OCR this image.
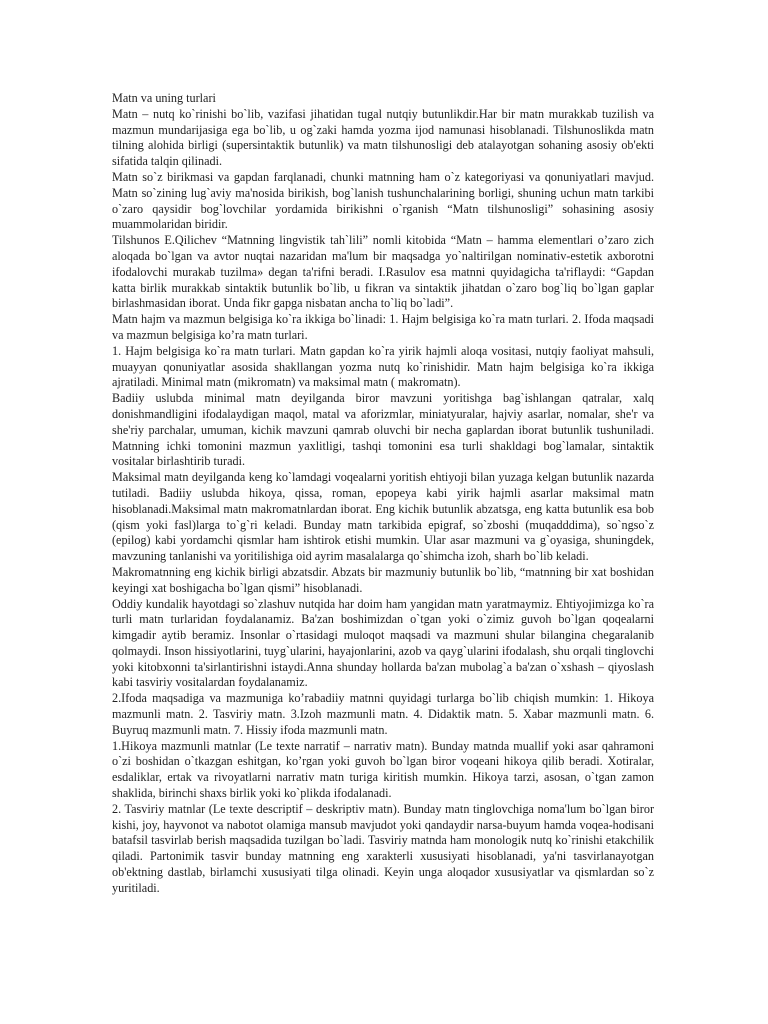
Matn va uning turlari

Matn – nutq ko`rinishi bo`lib, vazifasi jihatidan tugal nutqiy butunlikdir.Har bir matn murakkab tuzilish va mazmun mundarijasiga ega bo`lib, u og`zaki hamda yozma ijod namunasi hisoblanadi. Tilshunoslikda matn tilning alohida birligi (supersintaktik butunlik) va matn tilshunosligi deb atalayotgan sohaning asosiy ob'ekti sifatida talqin qilinadi.

Matn so`z birikmasi va gapdan farqlanadi, chunki matnning ham o`z kategoriyasi va qonuniyatlari mavjud. Matn so`zining lug`aviy ma'nosida birikish, bog`lanish tushunchalarining borligi, shuning uchun matn tarkibi o`zaro qaysidir bog`lovchilar yordamida birikishni o`rganish “Matn tilshunosligi” sohasining asosiy muammolaridan biridir.

Tilshunos E.Qilichev “Matnning lingvistik tah`lili” nomli kitobida “Matn – hamma elementlari o’zaro zich aloqada bo`lgan va avtor nuqtai nazaridan ma'lum bir maqsadga yo`naltirilgan nominativ-estetik axborotni ifodalovchi murakab tuzilma» degan ta'rifni beradi. I.Rasulov esa matnni quyidagicha ta'riflaydi: “Gapdan katta birlik murakkab sintaktik butunlik bo`lib, u fikran va sintaktik jihatdan o`zaro bog`liq bo`lgan gaplar birlashmasidan iborat. Unda fikr gapga nisbatan ancha to`liq bo`ladi”.

Matn hajm va mazmun belgisiga ko`ra ikkiga bo`linadi: 1. Hajm belgisiga ko`ra matn turlari. 2. Ifoda maqsadi va mazmun belgisiga ko’ra matn turlari.

1. Hajm belgisiga ko`ra matn turlari. Matn gapdan ko`ra yirik hajmli aloqa vositasi, nutqiy faoliyat mahsuli, muayyan qonuniyatlar asosida shakllangan yozma nutq ko`rinishidir. Matn hajm belgisiga ko`ra ikkiga ajratiladi. Minimal matn (mikromatn) va maksimal matn ( makromatn).

Badiiy uslubda minimal matn deyilganda biror mavzuni yoritishga bag`ishlangan qatralar, xalq donishmandligini ifodalaydigan maqol, matal va aforizmlar, miniatyuralar, hajviy asarlar, nomalar, she'r va she'riy parchalar, umuman, kichik mavzuni qamrab oluvchi bir necha gaplardan iborat butunlik tushuniladi. Matnning ichki tomonini mazmun yaxlitligi, tashqi tomonini esa turli shakldagi bog`lamalar, sintaktik vositalar birlashtirib turadi.

Maksimal matn deyilganda keng ko`lamdagi voqealarni yoritish ehtiyoji bilan yuzaga kelgan butunlik nazarda tutiladi. Badiiy uslubda hikoya, qissa, roman, epopeya kabi yirik hajmli asarlar maksimal matn hisoblanadi.Maksimal matn makromatnlardan iborat. Eng kichik butunlik abzatsga, eng katta butunlik esa bob (qism yoki fasl)larga to`g`ri keladi. Bunday matn tarkibida epigraf, so`zboshi (muqadddima), so`ngso`z (epilog) kabi yordamchi qismlar ham ishtirok etishi mumkin. Ular asar mazmuni va g`oyasiga, shuningdek, mavzuning tanlanishi va yoritilishiga oid ayrim masalalarga qo`shimcha izoh, sharh bo`lib keladi.

Makromatnning eng kichik birligi abzatsdir. Abzats bir mazmuniy butunlik bo`lib, “matnning bir xat boshidan keyingi xat boshigacha bo`lgan qismi” hisoblanadi.

Oddiy kundalik hayotdagi so`zlashuv nutqida har doim ham yangidan matn yaratmaymiz. Ehtiyojimizga ko`ra turli matn turlaridan foydalanamiz. Ba'zan boshimizdan o`tgan yoki o`zimiz guvoh bo`lgan qoqealarni kimgadir aytib beramiz. Insonlar o`rtasidagi muloqot maqsadi va mazmuni shular bilangina chegaralanib qolmaydi. Inson hissiyotlarini, tuyg`ularini, hayajonlarini, azob va qayg`ularini ifodalash, shu orqali tinglovchi yoki kitobxonni ta'sirlantirishni istaydi.Anna shunday hollarda ba'zan mubolag`a ba'zan o`xshash – qiyoslash kabi tasviriy vositalardan foydalanamiz.

2.Ifoda maqsadiga va mazmuniga ko’rabadiiy matnni quyidagi turlarga bo`lib chiqish mumkin: 1. Hikoya mazmunli matn. 2. Tasviriy matn. 3.Izoh mazmunli matn. 4. Didaktik matn. 5. Xabar mazmunli matn. 6. Buyruq mazmunli matn. 7. Hissiy ifoda mazmunli matn.

1.Hikoya mazmunli matnlar (Le texte narratif – narrativ matn). Bunday matnda muallif yoki asar qahramoni o`zi boshidan o`tkazgan eshitgan, ko’rgan yoki guvoh bo`lgan biror voqeani hikoya qilib beradi. Xotiralar, esdaliklar, ertak va rivoyatlarni narrativ matn turiga kiritish mumkin. Hikoya tarzi, asosan, o`tgan zamon shaklida, birinchi shaxs birlik yoki ko`plikda ifodalanadi.

2. Tasviriy matnlar (Le texte descriptif – deskriptiv matn). Bunday matn tinglovchiga noma'lum bo`lgan biror kishi, joy, hayvonot va nabotot olamiga mansub mavjudot yoki qandaydir narsa-buyum hamda voqea-hodisani batafsil tasvirlab berish maqsadida tuzilgan bo`ladi. Tasviriy matnda ham monologik nutq ko`rinishi etakchilik qiladi. Partonimik tasvir bunday matnning eng xarakterli xususiyati hisoblanadi, ya'ni tasvirlanayotgan ob'ektning dastlab, birlamchi xususiyati tilga olinadi. Keyin unga aloqador xususiyatlar va qismlardan so`z yuritiladi.
